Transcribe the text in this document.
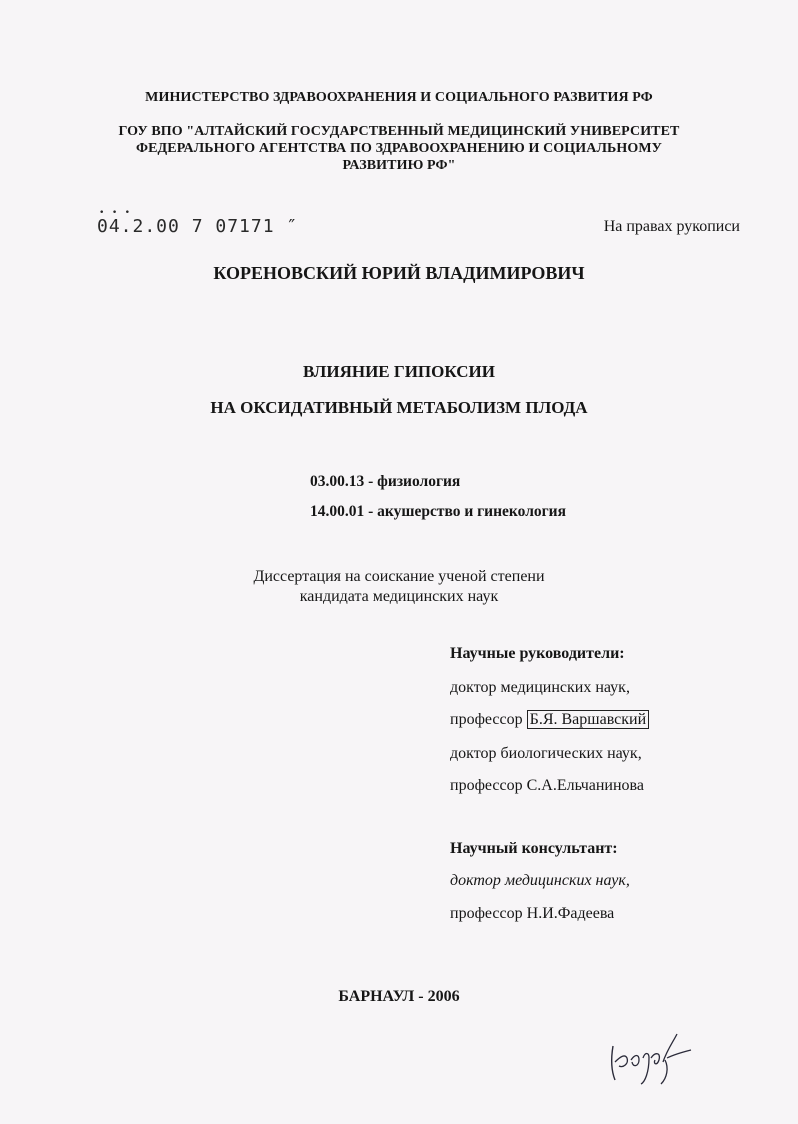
МИНИСТЕРСТВО ЗДРАВООХРАНЕНИЯ И СОЦИАЛЬНОГО РАЗВИТИЯ РФ
ГОУ ВПО "АЛТАЙСКИЙ ГОСУДАРСТВЕННЫЙ МЕДИЦИНСКИЙ УНИВЕРСИТЕТ
ФЕДЕРАЛЬНОГО АГЕНТСТВА ПО ЗДРАВООХРАНЕНИЮ И СОЦИАЛЬНОМУ
РАЗВИТИЮ РФ"
• • •
04.2.00 7 07171 ″	На правах рукописи
КОРЕНОВСКИЙ ЮРИЙ ВЛАДИМИРОВИЧ
ВЛИЯНИЕ ГИПОКСИИ
НА ОКСИДАТИВНЫЙ МЕТАБОЛИЗМ ПЛОДА
03.00.13 - физиология
14.00.01 - акушерство и гинекология
Диссертация на соискание ученой степени
кандидата медицинских наук
Научные руководители:
доктор медицинских наук,
профессор Б.Я. Варшавский
доктор биологических наук,
профессор С.А.Ельчанинова
Научный консультант:
доктор медицинских наук,
профессор Н.И.Фадеева
БАРНАУЛ - 2006
